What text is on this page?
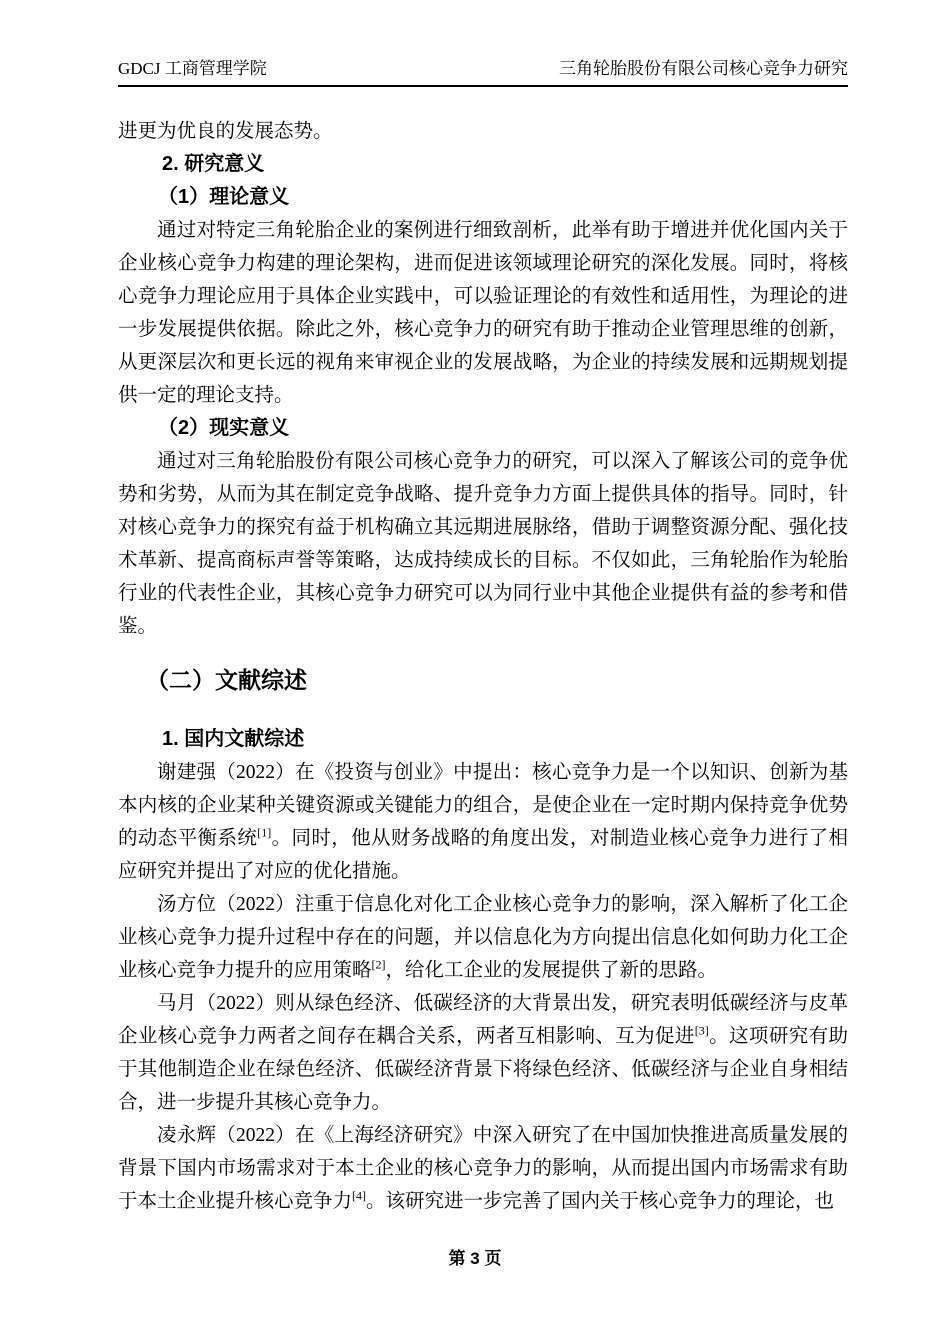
GDCJ 工商管理学院	三角轮胎股份有限公司核心竞争力研究

进更为优良的发展态势。

2. 研究意义
（1）理论意义

通过对特定三角轮胎企业的案例进行细致剖析，此举有助于增进并优化国内关于企业核心竞争力构建的理论架构，进而促进该领域理论研究的深化发展。同时，将核心竞争力理论应用于具体企业实践中，可以验证理论的有效性和适用性，为理论的进一步发展提供依据。除此之外，核心竞争力的研究有助于推动企业管理思维的创新，从更深层次和更长远的视角来审视企业的发展战略，为企业的持续发展和远期规划提供一定的理论支持。

（2）现实意义

通过对三角轮胎股份有限公司核心竞争力的研究，可以深入了解该公司的竞争优势和劣势，从而为其在制定竞争战略、提升竞争力方面上提供具体的指导。同时，针对核心竞争力的探究有益于机构确立其远期进展脉络，借助于调整资源分配、强化技术革新、提高商标声誉等策略，达成持续成长的目标。不仅如此，三角轮胎作为轮胎行业的代表性企业，其核心竞争力研究可以为同行业中其他企业提供有益的参考和借鉴。

（二）文献综述
1. 国内文献综述

谢建强（2022）在《投资与创业》中提出：核心竞争力是一个以知识、创新为基本内核的企业某种关键资源或关键能力的组合，是使企业在一定时期内保持竞争优势的动态平衡系统[1]。同时，他从财务战略的角度出发，对制造业核心竞争力进行了相应研究并提出了对应的优化措施。

汤方位（2022）注重于信息化对化工企业核心竞争力的影响，深入解析了化工企业核心竞争力提升过程中存在的问题，并以信息化为方向提出信息化如何助力化工企业核心竞争力提升的应用策略[2]，给化工企业的发展提供了新的思路。

马月（2022）则从绿色经济、低碳经济的大背景出发，研究表明低碳经济与皮革企业核心竞争力两者之间存在耦合关系，两者互相影响、互为促进[3]。这项研究有助于其他制造企业在绿色经济、低碳经济背景下将绿色经济、低碳经济与企业自身相结合，进一步提升其核心竞争力。

凌永辉（2022）在《上海经济研究》中深入研究了在中国加快推进高质量发展的背景下国内市场需求对于本土企业的核心竞争力的影响，从而提出国内市场需求有助于本土企业提升核心竞争力[4]。该研究进一步完善了国内关于核心竞争力的理论，也

第 3 页
